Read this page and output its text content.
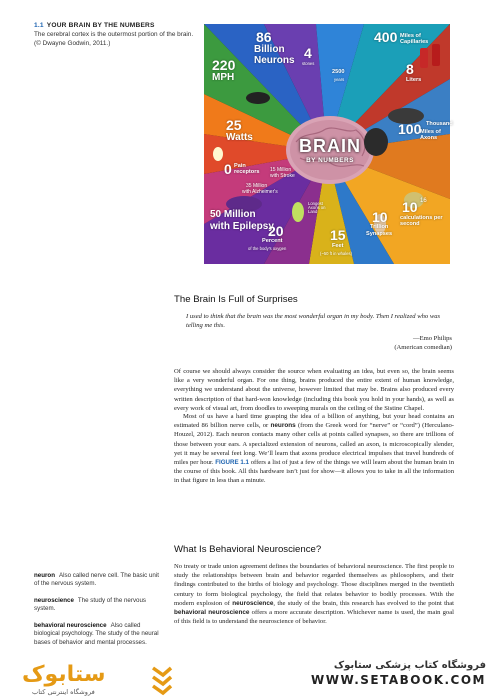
1.1 YOUR BRAIN BY THE NUMBERS
The cerebral cortex is the outermost portion of the brain. (© Dwayne Godwin, 2011.)	86
Billion
Neurons 4
stones
400 Miles of Capillaries
220
MPH	2500
years
8
Liters
25
Watts	BRAIN
BY NUMBERS
100 Thousand
Miles of Axons
0 Pain receptors	15 Million
with Stroke
35 Million
with Alzheimer's
50 Million
with Epilepsy
20
Percent
of the body's oxygen
Longest Axons on Land
15
Feet
(~50 ft in whales)
10
Trillion
Synapses
10 16
calculations per second
The Brain Is Full of Surprises
I used to think that the brain was the most wonderful organ in my body. Then I realized who was telling me this.
—Emo Philips
(American comedian)

Of course we should always consider the source when evaluating an idea, but even so, the brain seems like a very wonderful organ. For one thing, brains produced the entire extent of human knowledge, everything we understand about the universe, however limited that may be. Brains also produced every written description of that hard-won knowledge (including this book you hold in your hands), as well as every work of visual art, from doodles to sweeping murals on the ceiling of the Sistine Chapel.

Most of us have a hard time grasping the idea of a billion of anything, but your head contains an estimated 86 billion nerve cells, or neurons (from the Greek word for “nerve” or “cord”) (Herculano-Houzel, 2012). Each neuron contacts many other cells at points called synapses, so there are trillions of those between your ears. A specialized extension of neurons, called an axon, is microscopically slender, yet it may be several feet long. We’ll learn that axons produce electrical impulses that travel hundreds of miles per hour. FIGURE 1.1 offers a list of just a few of the things we will learn about the human brain in the course of this book. All this hardware isn’t just for show—it allows you to take in all the information in that figure in less than a minute.

What Is Behavioral Neuroscience?

No treaty or trade union agreement defines the boundaries of behavioral neuroscience. The first people to study the relationships between brain and behavior regarded themselves as philosophers, and their findings contributed to the births of biology and psychology. Those disciplines merged in the twentieth century to form biological psychology, the field that relates behavior to bodily processes. With the modern explosion of neuroscience, the study of the brain, this research has evolved to the point that behavioral neuroscience offers a more accurate description. Whichever name is used, the main goal of this field is to understand the neuroscience of behavior.

neuron Also called nerve cell. The basic unit of the nervous system.
neuroscience The study of the nervous system.
behavioral neuroscience Also called biological psychology. The study of the neural bases of behavior and mental processes.
ستابوک
فروشگاه اینترنتی کتاب
فروشگاه کتاب پزشکی ستابوک
WWW.SETABOOK.COM
